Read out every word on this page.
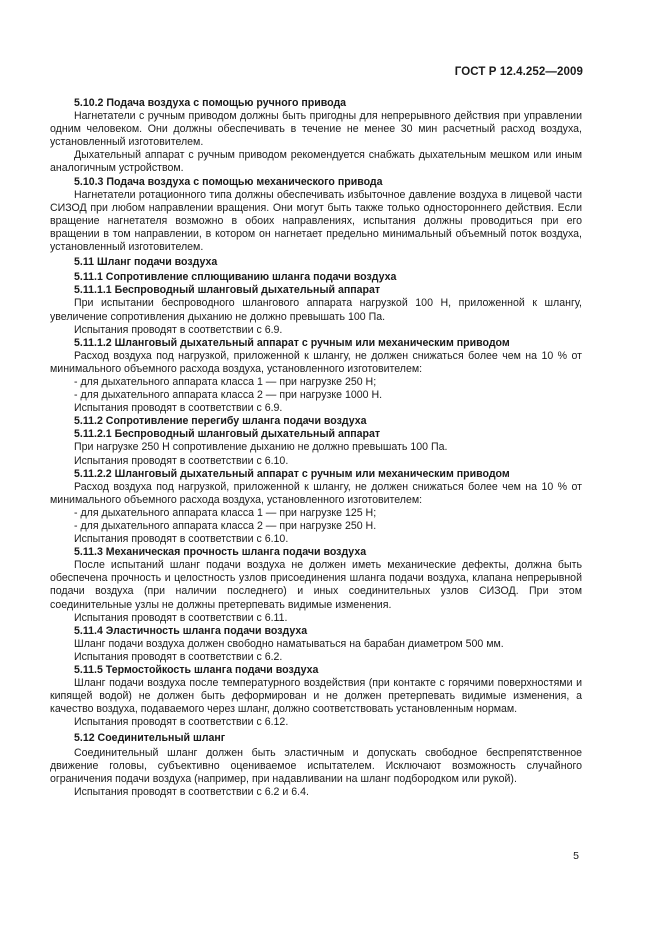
ГОСТ Р 12.4.252—2009

5.10.2 Подача воздуха с помощью ручного привода

Нагнетатели с ручным приводом должны быть пригодны для непрерывного действия при управлении одним человеком. Они должны обеспечивать в течение не менее 30 мин расчетный расход воздуха, установленный изготовителем.

Дыхательный аппарат с ручным приводом рекомендуется снабжать дыхательным мешком или иным аналогичным устройством.

5.10.3 Подача воздуха с помощью механического привода

Нагнетатели ротационного типа должны обеспечивать избыточное давление воздуха в лицевой части СИЗОД при любом направлении вращения. Они могут быть также только одностороннего действия. Если вращение нагнетателя возможно в обоих направлениях, испытания должны проводиться при его вращении в том направлении, в котором он нагнетает предельно минимальный объемный поток воздуха, установленный изготовителем.

5.11 Шланг подачи воздуха

5.11.1 Сопротивление сплющиванию шланга подачи воздуха

5.11.1.1 Беспроводный шланговый дыхательный аппарат

При испытании беспроводного шлангового аппарата нагрузкой 100 Н, приложенной к шлангу, увеличение сопротивления дыханию не должно превышать 100 Па.

Испытания проводят в соответствии с 6.9.

5.11.1.2 Шланговый дыхательный аппарат с ручным или механическим приводом

Расход воздуха под нагрузкой, приложенной к шлангу, не должен снижаться более чем на 10 % от минимального объемного расхода воздуха, установленного изготовителем:

- для дыхательного аппарата класса 1 — при нагрузке 250 Н;

- для дыхательного аппарата класса 2 — при нагрузке 1000 Н.

Испытания проводят в соответствии с 6.9.

5.11.2 Сопротивление перегибу шланга подачи воздуха

5.11.2.1 Беспроводный шланговый дыхательный аппарат

При нагрузке 250 Н сопротивление дыханию не должно превышать 100 Па.

Испытания проводят в соответствии с 6.10.

5.11.2.2 Шланговый дыхательный аппарат с ручным или механическим приводом

Расход воздуха под нагрузкой, приложенной к шлангу, не должен снижаться более чем на 10 % от минимального объемного расхода воздуха, установленного изготовителем:

- для дыхательного аппарата класса 1 — при нагрузке 125 Н;

- для дыхательного аппарата класса 2 — при нагрузке 250 Н.

Испытания проводят в соответствии с 6.10.

5.11.3 Механическая прочность шланга подачи воздуха

После испытаний шланг подачи воздуха не должен иметь механические дефекты, должна быть обеспечена прочность и целостность узлов присоединения шланга подачи воздуха, клапана непрерывной подачи воздуха (при наличии последнего) и иных соединительных узлов СИЗОД. При этом соединительные узлы не должны претерпевать видимые изменения.

Испытания проводят в соответствии с 6.11.

5.11.4 Эластичность шланга подачи воздуха

Шланг подачи воздуха должен свободно наматываться на барабан диаметром 500 мм.

Испытания проводят в соответствии с 6.2.

5.11.5 Термостойкость шланга подачи воздуха

Шланг подачи воздуха после температурного воздействия (при контакте с горячими поверхностями и кипящей водой) не должен быть деформирован и не должен претерпевать видимые изменения, а качество воздуха, подаваемого через шланг, должно соответствовать установленным нормам.

Испытания проводят в соответствии с 6.12.

5.12 Соединительный шланг

Соединительный шланг должен быть эластичным и допускать свободное беспрепятственное движение головы, субъективно оцениваемое испытателем. Исключают возможность случайного ограничения подачи воздуха (например, при надавливании на шланг подбородком или рукой).

Испытания проводят в соответствии с 6.2 и 6.4.

5
